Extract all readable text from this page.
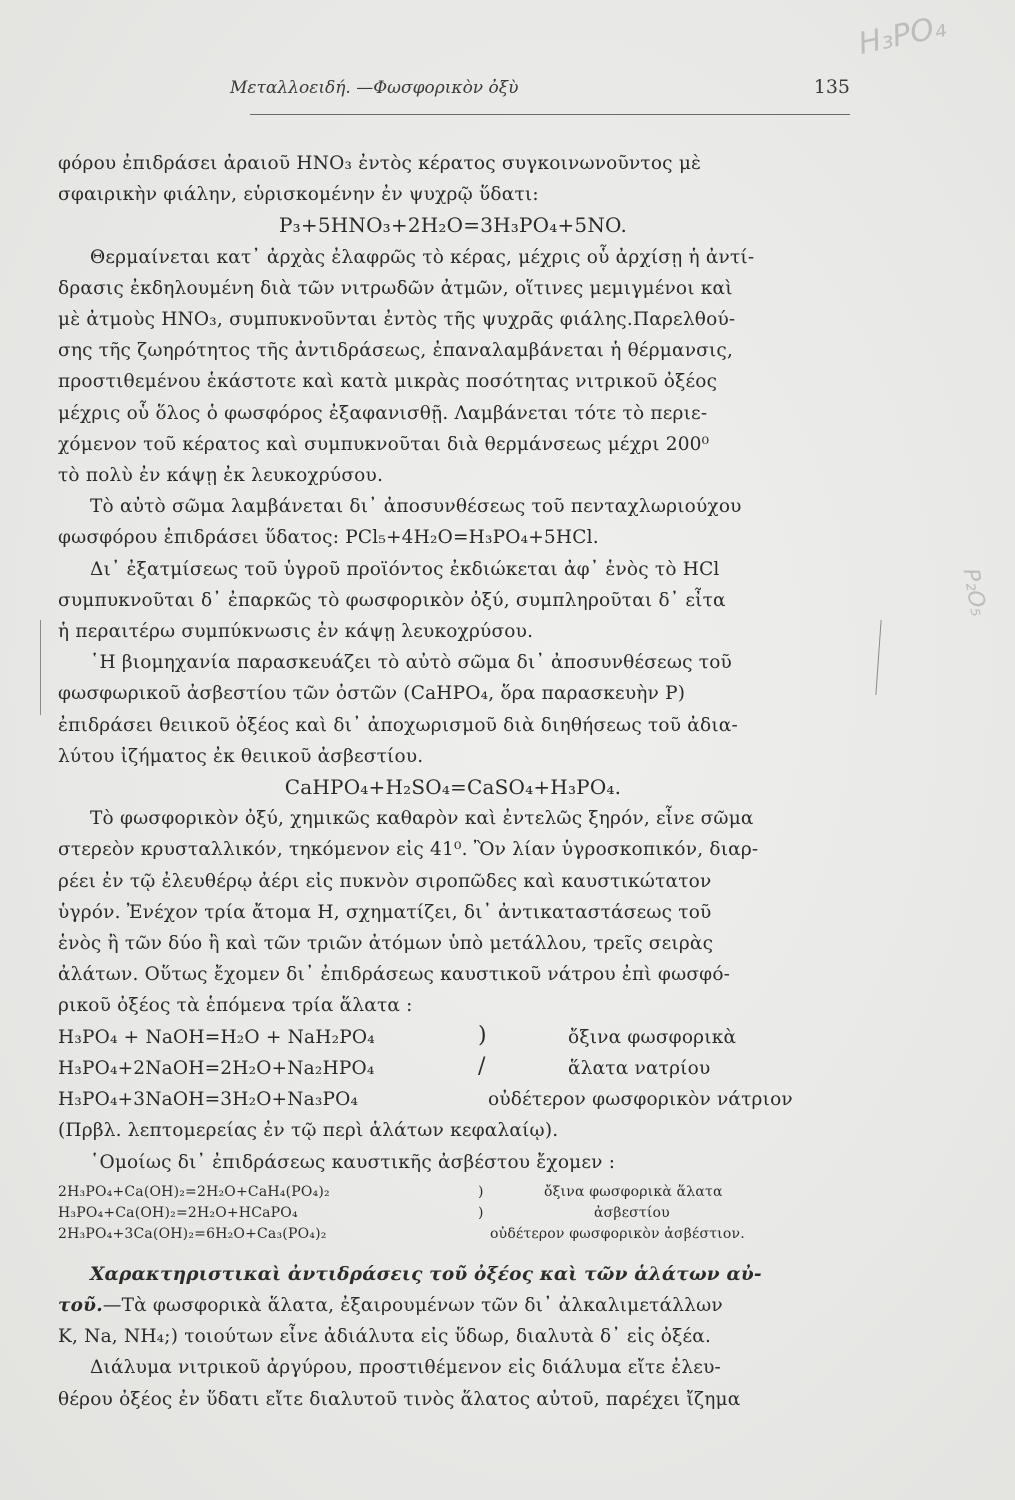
H₃PO₄
P₂O₅
Μεταλλοειδή. —Φωσφορικὸν ὀξὺ	135

φόρου ἐπιδράσει ἀραιοῦ HNO₃ ἐντὸς κέρατος συγκοινωνοῦντος μὲ

σφαιρικὴν φιάλην, εὑρισκομένην ἐν ψυχρῷ ὕδατι:

P₃+5HNO₃+2H₂O=3H₃PO₄+5NO.

Θερμαίνεται κατ᾽ ἀρχὰς ἐλαφρῶς τὸ κέρας, μέχρις οὗ ἀρχίσῃ ἡ ἀντί-

δρασις ἐκδηλουμένη διὰ τῶν νιτρωδῶν ἀτμῶν, οἵτινες μεμιγμένοι καὶ

μὲ ἀτμοὺς HNO₃, συμπυκνοῦνται ἐντὸς τῆς ψυχρᾶς φιάλης.Παρελθού-

σης τῆς ζωηρότητος τῆς ἀντιδράσεως, ἐπαναλαμβάνεται ἡ θέρμανσις,

προστιθεμένου ἑκάστοτε καὶ κατὰ μικρὰς ποσότητας νιτρικοῦ ὀξέος

μέχρις οὗ ὅλος ὁ φωσφόρος ἐξαφανισθῇ. Λαμβάνεται τότε τὸ περιε-

χόμενον τοῦ κέρατος καὶ συμπυκνοῦται διὰ θερμάνσεως μέχρι 200⁰

τὸ πολὺ ἐν κάψῃ ἐκ λευκοχρύσου.

Τὸ αὐτὸ σῶμα λαμβάνεται δι᾽ ἀποσυνθέσεως τοῦ πενταχλωριούχου

φωσφόρου ἐπιδράσει ὕδατος: PCl₅+4H₂O=H₃PO₄+5HCl.

Δι᾽ ἐξατμίσεως τοῦ ὑγροῦ προϊόντος ἐκδιώκεται ἀφ᾽ ἑνὸς τὸ HCl

συμπυκνοῦται δ᾽ ἐπαρκῶς τὸ φωσφορικὸν ὀξύ, συμπληροῦται δ᾽ εἶτα

ἡ περαιτέρω συμπύκνωσις ἐν κάψῃ λευκοχρύσου.

῾Η βιομηχανία παρασκευάζει τὸ αὐτὸ σῶμα δι᾽ ἀποσυνθέσεως τοῦ

φωσφωρικοῦ ἀσβεστίου τῶν ὀστῶν (CaHPO₄, ὅρα παρασκευὴν P)

ἐπιδράσει θειικοῦ ὀξέος καὶ δι᾽ ἀποχωρισμοῦ διὰ διηθήσεως τοῦ ἀδια-

λύτου ἰζήματος ἐκ θειικοῦ ἀσβεστίου.

CaHPO₄+H₂SO₄=CaSO₄+H₃PO₄.

Τὸ φωσφορικὸν ὀξύ, χημικῶς καθαρὸν καὶ ἐντελῶς ξηρόν, εἶνε σῶμα

στερεὸν κρυσταλλικόν, τηκόμενον εἰς 41⁰. Ὂν λίαν ὑγροσκοπικόν, διαρ-

ρέει ἐν τῷ ἐλευθέρῳ ἀέρι εἰς πυκνὸν σιροπῶδες καὶ καυστικώτατον

ὑγρόν. Ἐνέχον τρία ἄτομα H, σχηματίζει, δι᾽ ἀντικαταστάσεως τοῦ

ἑνὸς ἢ τῶν δύο ἢ καὶ τῶν τριῶν ἀτόμων ὑπὸ μετάλλου, τρεῖς σειρὰς

ἀλάτων. Οὕτως ἔχομεν δι᾽ ἐπιδράσεως καυστικοῦ νάτρου ἐπὶ φωσφό-

ρικοῦ ὀξέος τὰ ἑπόμενα τρία ἅλατα :

H₃PO₄ + NaOH=H₂O + NaH₂PO₄	)	ὄξινα φωσφορικὰ
H₃PO₄+2NaOH=2H₂O+Na₂HPO₄	/	ἅλατα νατρίου
H₃PO₄+3NaOH=3H₂O+Na₃PO₄	οὐδέτερον φωσφορικὸν νάτριον

(Πρβλ. λεπτομερείας ἐν τῷ περὶ ἁλάτων κεφαλαίῳ).

῾Ομοίως δι᾽ ἐπιδράσεως καυστικῆς ἀσβέστου ἔχομεν :

2H₃PO₄+Ca(OH)₂=2H₂O+CaH₄(PO₄)₂	)	ὄξινα φωσφορικὰ ἅλατα
H₃PO₄+Ca(OH)₂=2H₂O+HCaPO₄	)	ἀσβεστίου
2H₃PO₄+3Ca(OH)₂=6H₂O+Ca₃(PO₄)₂	οὐδέτερον φωσφορικὸν ἀσβέστιον.

Χαρακτηριστικαὶ ἀντιδράσεις τοῦ ὀξέος καὶ τῶν ἁλάτων αὐ-

τοῦ.—Τὰ φωσφορικὰ ἅλατα, ἐξαιρουμένων τῶν δι᾽ ἀλκαλιμετάλλων

K, Na, NH₄;) τοιούτων εἶνε ἀδιάλυτα εἰς ὕδωρ, διαλυτὰ δ᾽ εἰς ὀξέα.

Διάλυμα νιτρικοῦ ἀργύρου, προστιθέμενον εἰς διάλυμα εἴτε ἐλευ-

θέρου ὀξέος ἐν ὕδατι εἴτε διαλυτοῦ τινὸς ἅλατος αὐτοῦ, παρέχει ἴζημα
